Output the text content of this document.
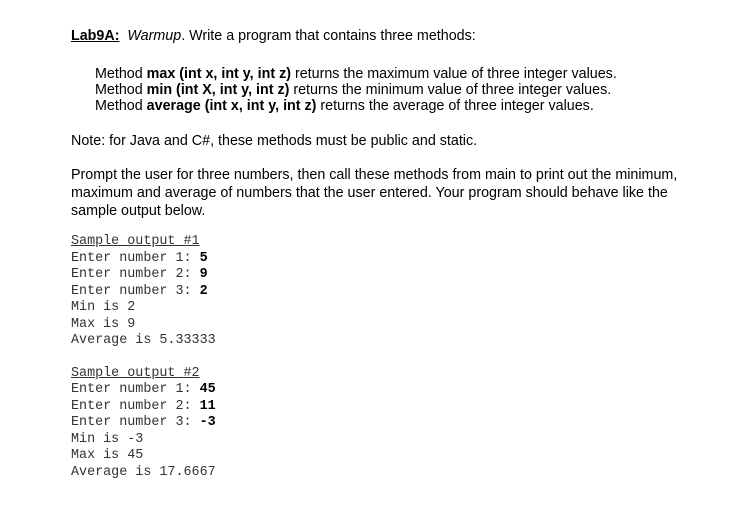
Lab9A: Warmup. Write a program that contains three methods:

Method max (int x, int y, int z) returns the maximum value of three integer values.
Method min (int X, int y, int z) returns the minimum value of three integer values.
Method average (int x, int y, int z) returns the average of three integer values.

Note: for Java and C#, these methods must be public and static.

Prompt the user for three numbers, then call these methods from main to print out the minimum, maximum and average of numbers that the user entered. Your program should behave like the sample output below.

Sample output #1
Enter number 1: 5
Enter number 2: 9
Enter number 3: 2
Min is 2
Max is 9
Average is 5.33333
Sample output #2
Enter number 1: 45
Enter number 2: 11
Enter number 3: -3
Min is -3
Max is 45
Average is 17.6667
